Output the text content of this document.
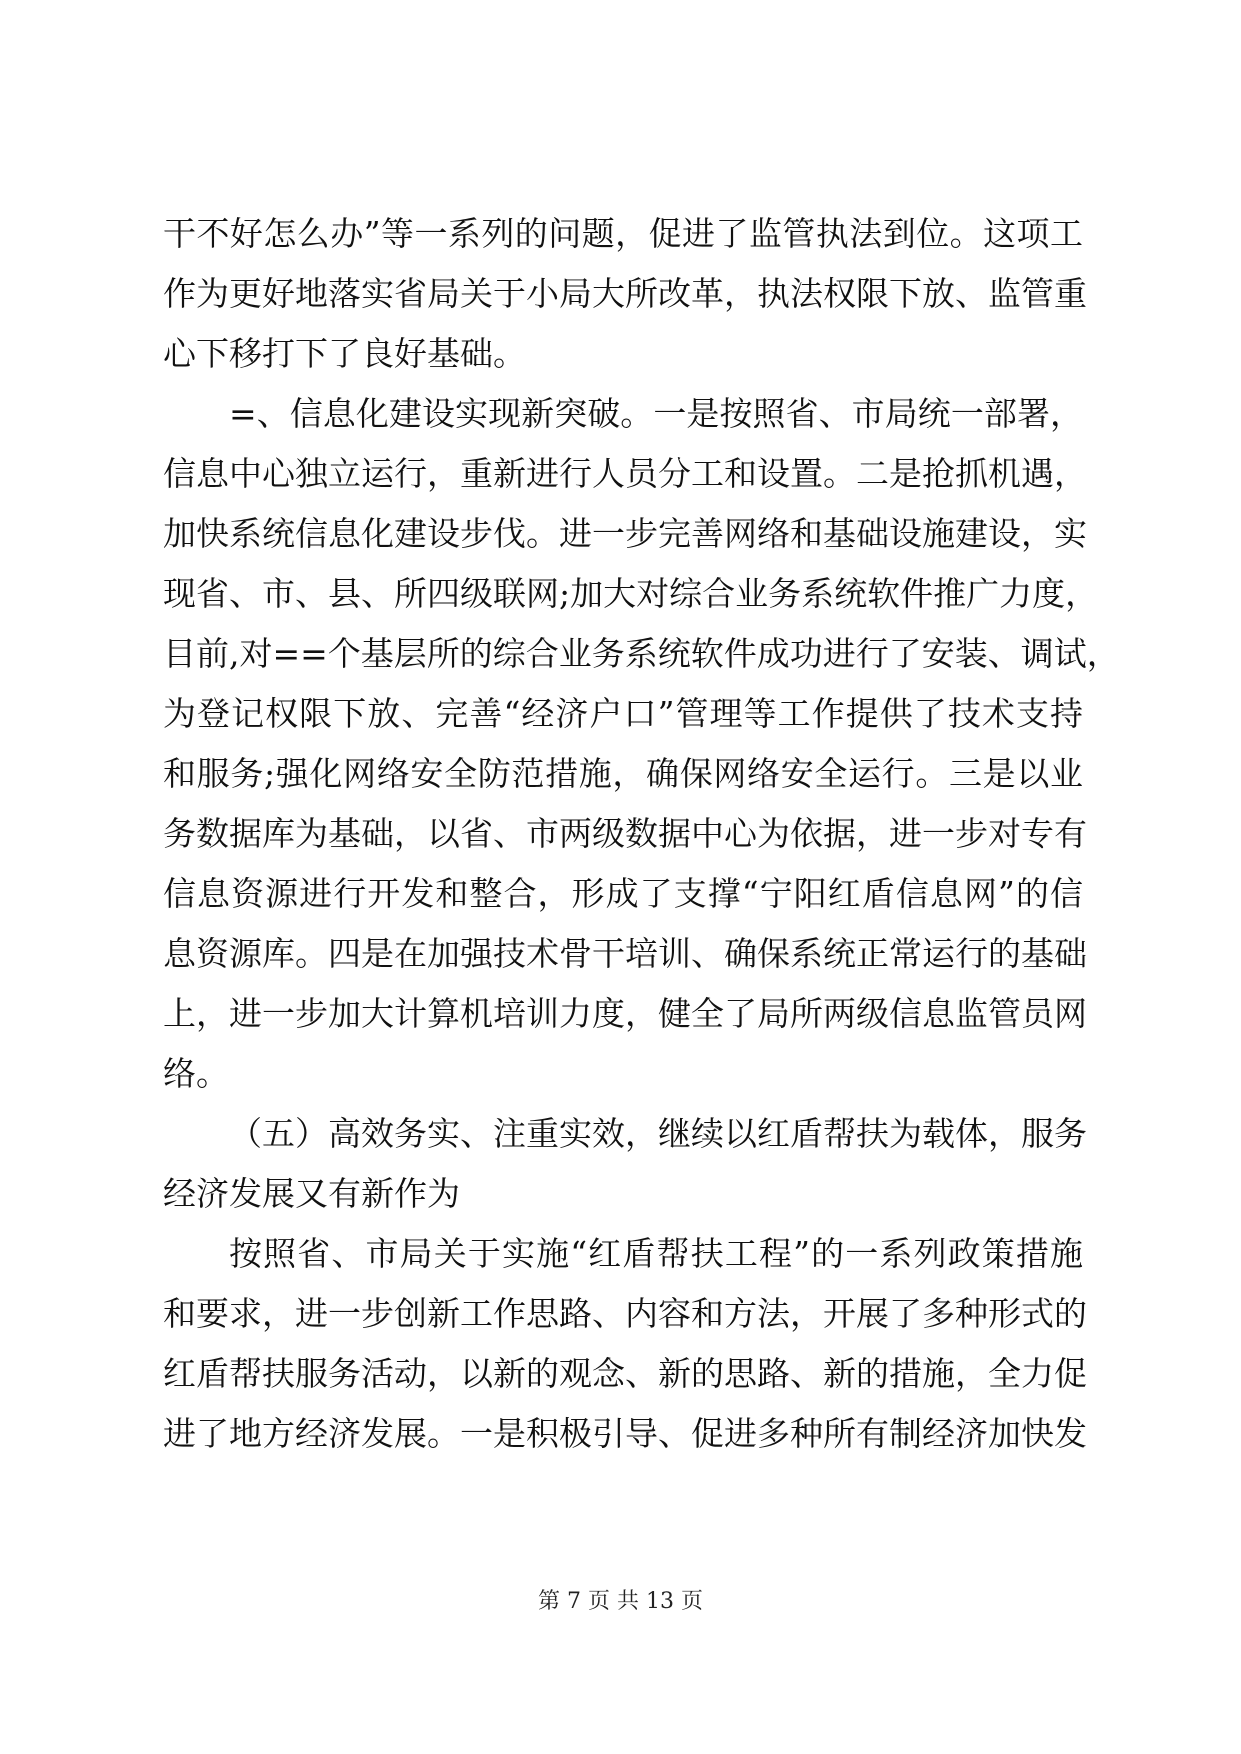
干不好怎么办”等一系列的问题，促进了监管执法到位。这项工
作为更好地落实省局关于小局大所改革，执法权限下放、监管重
心下移打下了良好基础。
=、信息化建设实现新突破。一是按照省、市局统一部署，
信息中心独立运行，重新进行人员分工和设置。二是抢抓机遇，
加快系统信息化建设步伐。进一步完善网络和基础设施建设，实
现省、市、县、所四级联网;加大对综合业务系统软件推广力度，
目前,对==个基层所的综合业务系统软件成功进行了安装、调试，
为登记权限下放、完善“经济户口”管理等工作提供了技术支持
和服务;强化网络安全防范措施，确保网络安全运行。三是以业
务数据库为基础，以省、市两级数据中心为依据，进一步对专有
信息资源进行开发和整合，形成了支撑“宁阳红盾信息网”的信
息资源库。四是在加强技术骨干培训、确保系统正常运行的基础
上，进一步加大计算机培训力度，健全了局所两级信息监管员网
络。
（五）高效务实、注重实效，继续以红盾帮扶为载体，服务
经济发展又有新作为
按照省、市局关于实施“红盾帮扶工程”的一系列政策措施
和要求，进一步创新工作思路、内容和方法，开展了多种形式的
红盾帮扶服务活动，以新的观念、新的思路、新的措施，全力促
进了地方经济发展。一是积极引导、促进多种所有制经济加快发
第 7 页 共 13 页
